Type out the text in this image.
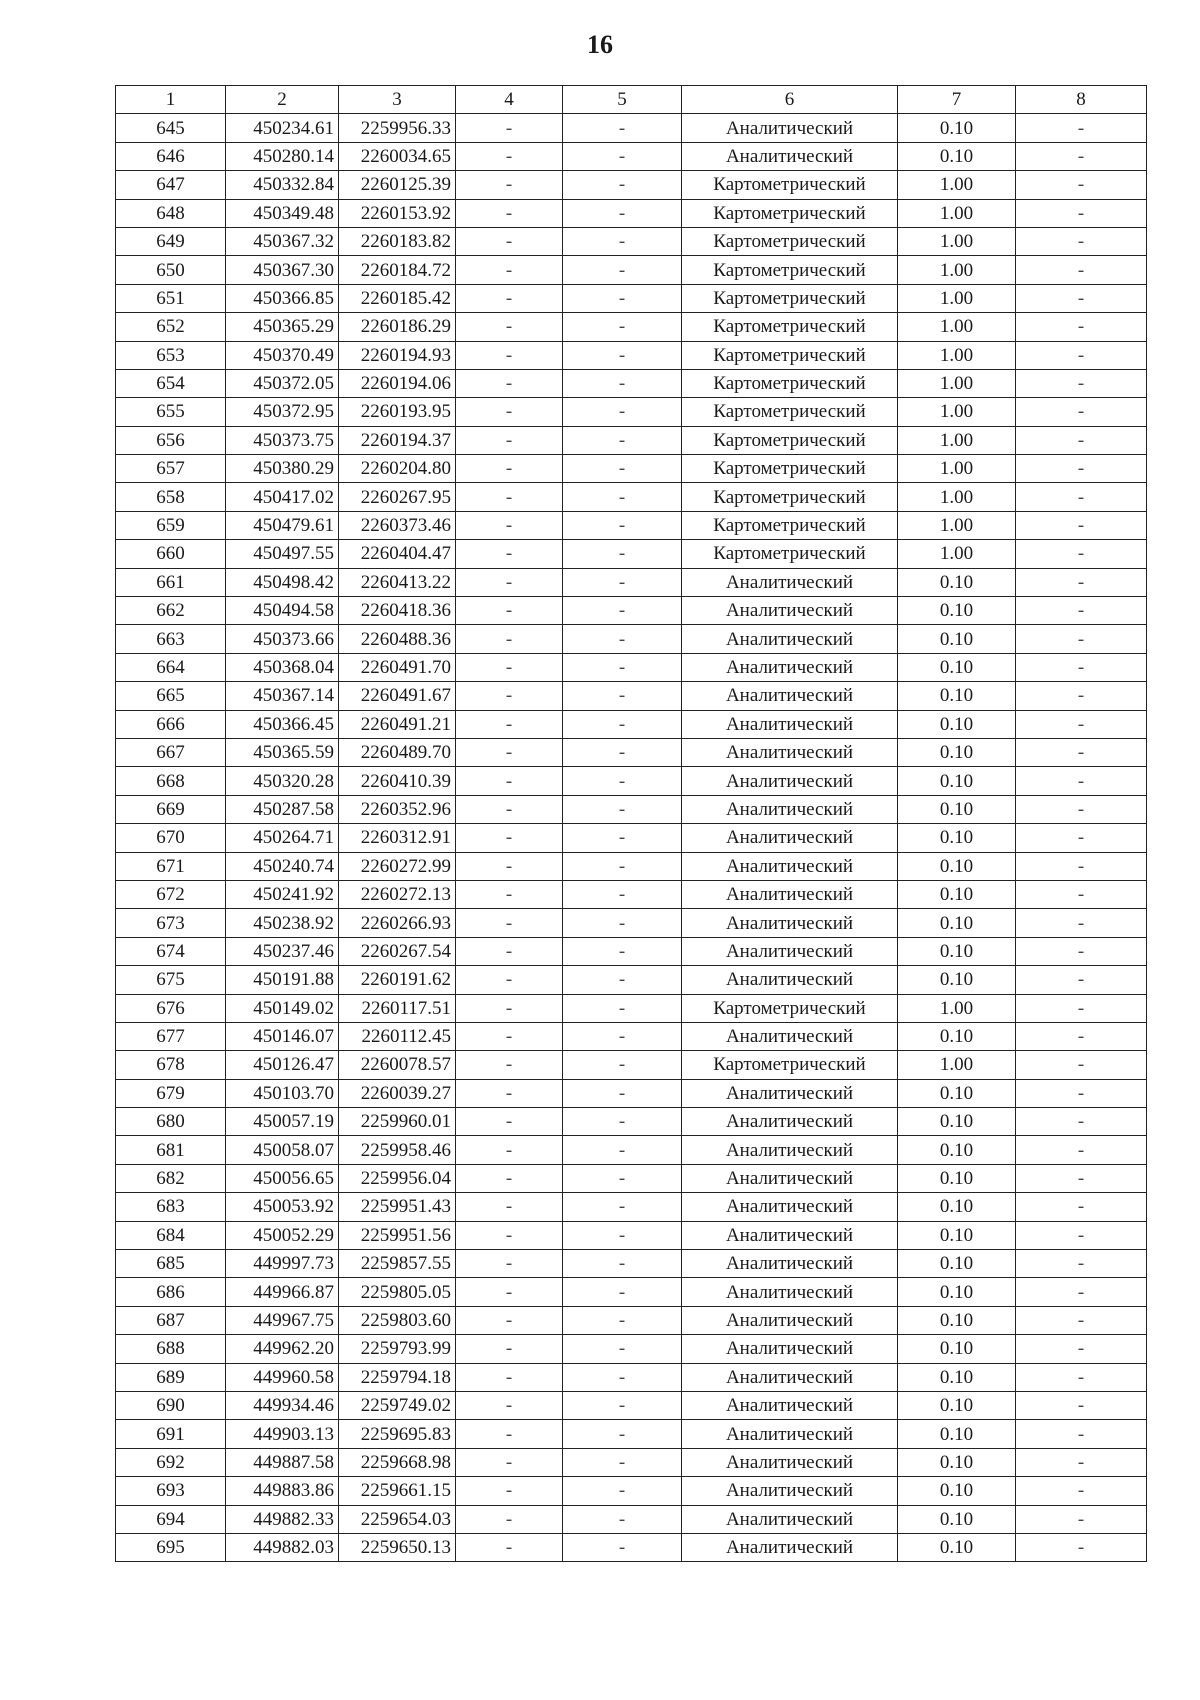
16
1	2	3	4	5	6	7	8
645	450234.61	2259956.33	-	-	Аналитический	0.10	-
646	450280.14	2260034.65	-	-	Аналитический	0.10	-
647	450332.84	2260125.39	-	-	Картометрический	1.00	-
648	450349.48	2260153.92	-	-	Картометрический	1.00	-
649	450367.32	2260183.82	-	-	Картометрический	1.00	-
650	450367.30	2260184.72	-	-	Картометрический	1.00	-
651	450366.85	2260185.42	-	-	Картометрический	1.00	-
652	450365.29	2260186.29	-	-	Картометрический	1.00	-
653	450370.49	2260194.93	-	-	Картометрический	1.00	-
654	450372.05	2260194.06	-	-	Картометрический	1.00	-
655	450372.95	2260193.95	-	-	Картометрический	1.00	-
656	450373.75	2260194.37	-	-	Картометрический	1.00	-
657	450380.29	2260204.80	-	-	Картометрический	1.00	-
658	450417.02	2260267.95	-	-	Картометрический	1.00	-
659	450479.61	2260373.46	-	-	Картометрический	1.00	-
660	450497.55	2260404.47	-	-	Картометрический	1.00	-
661	450498.42	2260413.22	-	-	Аналитический	0.10	-
662	450494.58	2260418.36	-	-	Аналитический	0.10	-
663	450373.66	2260488.36	-	-	Аналитический	0.10	-
664	450368.04	2260491.70	-	-	Аналитический	0.10	-
665	450367.14	2260491.67	-	-	Аналитический	0.10	-
666	450366.45	2260491.21	-	-	Аналитический	0.10	-
667	450365.59	2260489.70	-	-	Аналитический	0.10	-
668	450320.28	2260410.39	-	-	Аналитический	0.10	-
669	450287.58	2260352.96	-	-	Аналитический	0.10	-
670	450264.71	2260312.91	-	-	Аналитический	0.10	-
671	450240.74	2260272.99	-	-	Аналитический	0.10	-
672	450241.92	2260272.13	-	-	Аналитический	0.10	-
673	450238.92	2260266.93	-	-	Аналитический	0.10	-
674	450237.46	2260267.54	-	-	Аналитический	0.10	-
675	450191.88	2260191.62	-	-	Аналитический	0.10	-
676	450149.02	2260117.51	-	-	Картометрический	1.00	-
677	450146.07	2260112.45	-	-	Аналитический	0.10	-
678	450126.47	2260078.57	-	-	Картометрический	1.00	-
679	450103.70	2260039.27	-	-	Аналитический	0.10	-
680	450057.19	2259960.01	-	-	Аналитический	0.10	-
681	450058.07	2259958.46	-	-	Аналитический	0.10	-
682	450056.65	2259956.04	-	-	Аналитический	0.10	-
683	450053.92	2259951.43	-	-	Аналитический	0.10	-
684	450052.29	2259951.56	-	-	Аналитический	0.10	-
685	449997.73	2259857.55	-	-	Аналитический	0.10	-
686	449966.87	2259805.05	-	-	Аналитический	0.10	-
687	449967.75	2259803.60	-	-	Аналитический	0.10	-
688	449962.20	2259793.99	-	-	Аналитический	0.10	-
689	449960.58	2259794.18	-	-	Аналитический	0.10	-
690	449934.46	2259749.02	-	-	Аналитический	0.10	-
691	449903.13	2259695.83	-	-	Аналитический	0.10	-
692	449887.58	2259668.98	-	-	Аналитический	0.10	-
693	449883.86	2259661.15	-	-	Аналитический	0.10	-
694	449882.33	2259654.03	-	-	Аналитический	0.10	-
695	449882.03	2259650.13	-	-	Аналитический	0.10	-
